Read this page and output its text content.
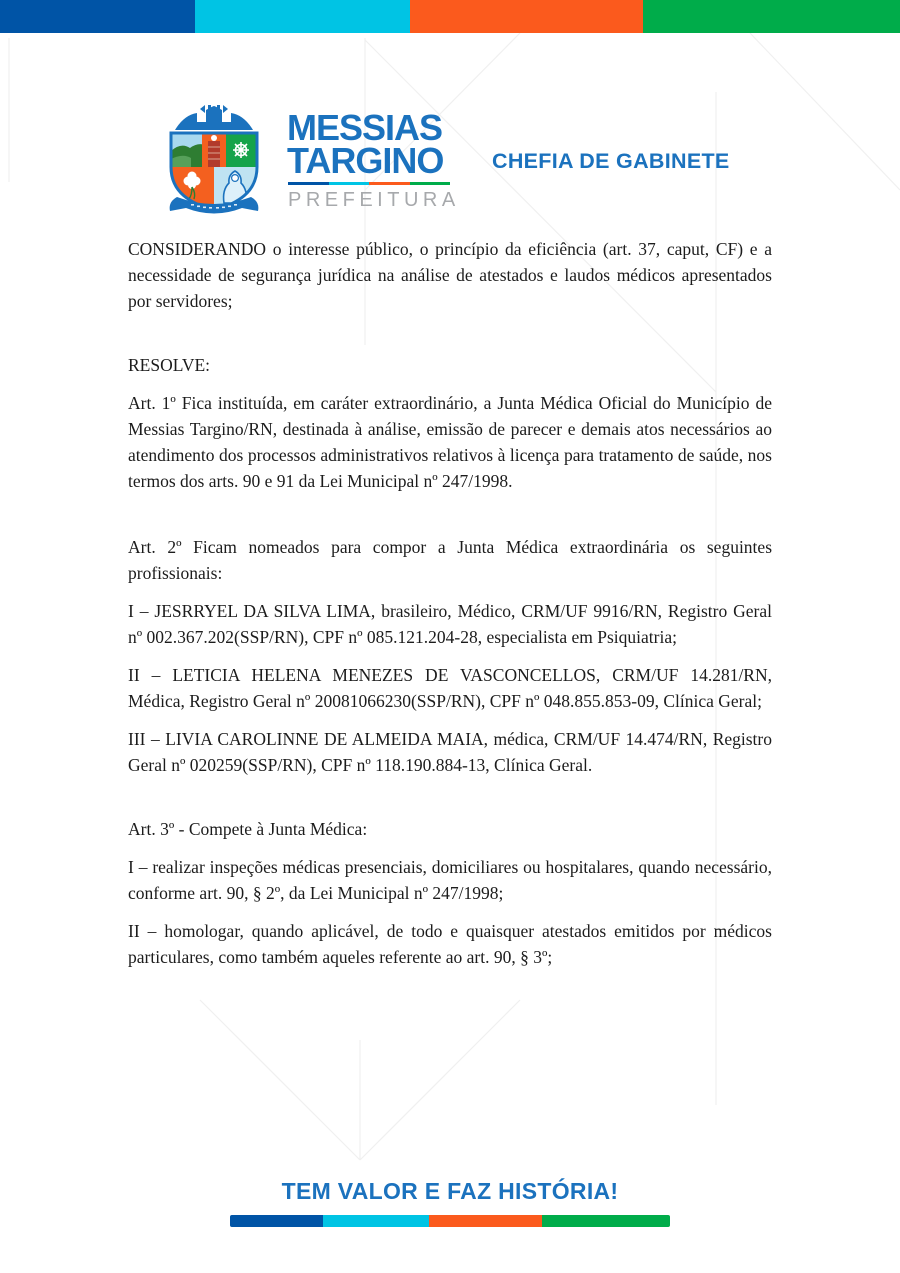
MESSIAS
TARGINO
PREFEITURA
CHEFIA DE GABINETE

CONSIDERANDO o interesse público, o princípio da eficiência (art. 37, caput, CF) e a necessidade de segurança jurídica na análise de atestados e laudos médicos apresentados por servidores;

RESOLVE:

Art. 1º Fica instituída, em caráter extraordinário, a Junta Médica Oficial do Município de Messias Targino/RN, destinada à análise, emissão de parecer e demais atos necessários ao atendimento dos processos administrativos relativos à licença para tratamento de saúde, nos termos dos arts. 90 e 91 da Lei Municipal nº 247/1998.

Art. 2º Ficam nomeados para compor a Junta Médica extraordinária os seguintes profissionais:

I – JESRRYEL DA SILVA LIMA, brasileiro, Médico, CRM/UF 9916/RN, Registro Geral nº 002.367.202(SSP/RN), CPF nº 085.121.204-28, especialista em Psiquiatria;

II – LETICIA HELENA MENEZES DE VASCONCELLOS, CRM/UF 14.281/RN, Médica, Registro Geral nº 20081066230(SSP/RN), CPF nº 048.855.853-09, Clínica Geral;

III – LIVIA CAROLINNE DE ALMEIDA MAIA, médica, CRM/UF 14.474/RN, Registro Geral nº 020259(SSP/RN), CPF nº 118.190.884-13, Clínica Geral.

Art. 3º - Compete à Junta Médica:

I – realizar inspeções médicas presenciais, domiciliares ou hospitalares, quando necessário, conforme art. 90, § 2º, da Lei Municipal nº 247/1998;

II – homologar, quando aplicável, de todo e quaisquer atestados emitidos por médicos particulares, como também aqueles referente ao art. 90, § 3º;

TEM VALOR E FAZ HISTÓRIA!
